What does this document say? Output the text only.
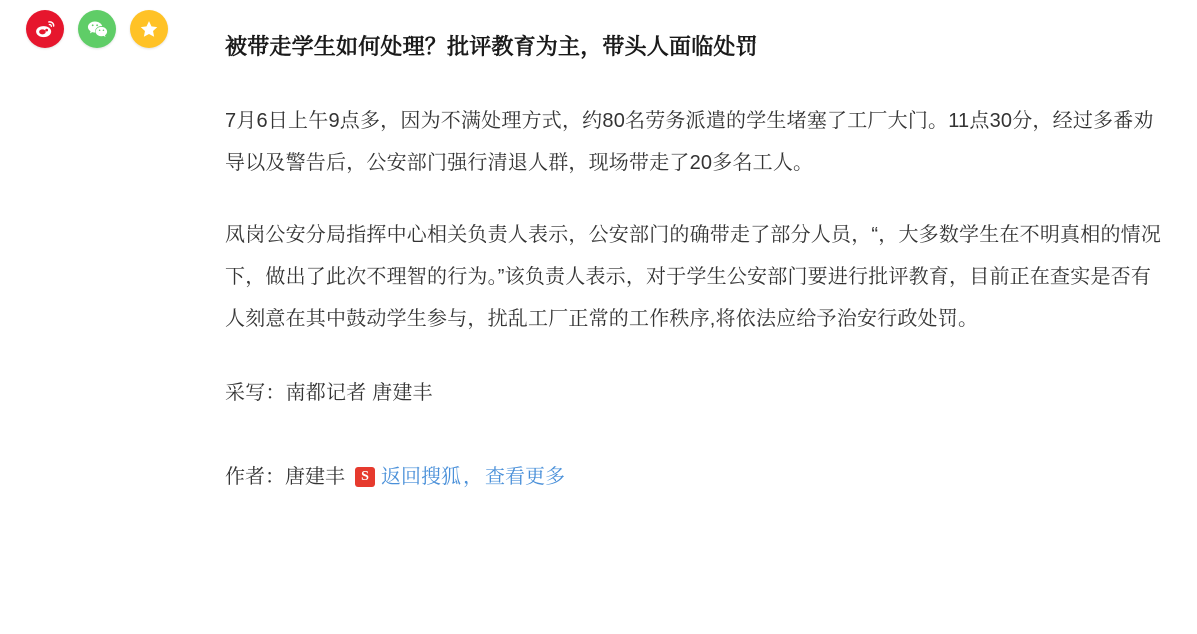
被带走学生如何处理？批评教育为主，带头人面临处罚

7月6日上午9点多，因为不满处理方式，约80名劳务派遣的学生堵塞了工厂大门。11点30分，经过多番劝导以及警告后，公安部门强行清退人群，现场带走了20多名工人。

凤岗公安分局指挥中心相关负责人表示，公安部门的确带走了部分人员，“，大多数学生在不明真相的情况下，做出了此次不理智的行为。”该负责人表示，对于学生公安部门要进行批评教育，目前正在查实是否有人刻意在其中鼓动学生参与，扰乱工厂正常的工作秩序,将依法应给予治安行政处罚。

采写：南都记者 唐建丰

作者： 唐建丰	S 返回搜狐 ， 查看更多
